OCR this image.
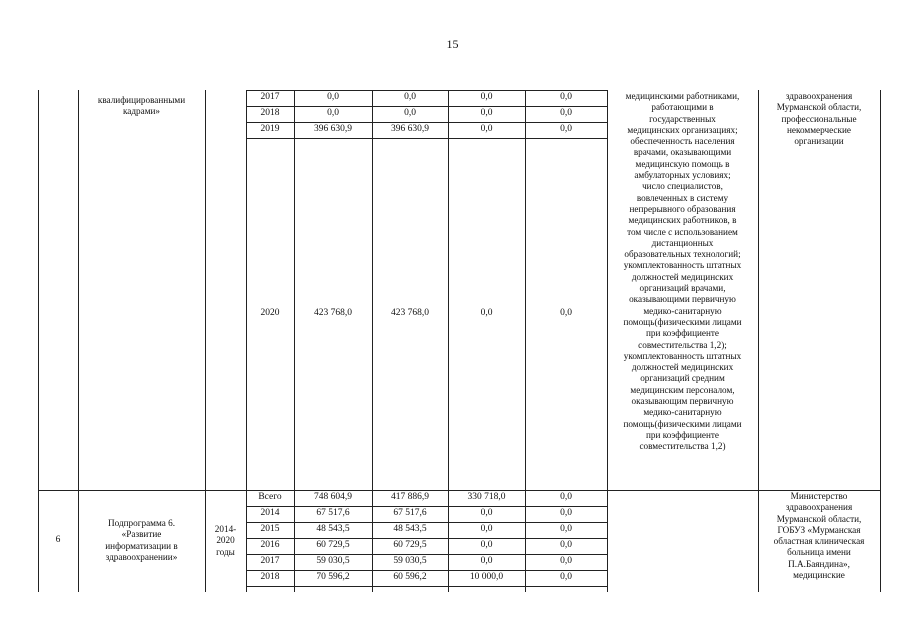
15
квалифицированными кадрами»
2017	0,0	0,0	0,0	0,0
2018	0,0	0,0	0,0	0,0
2019	396 630,9	396 630,9	0,0	0,0
2020	423 768,0	423 768,0	0,0	0,0
медицинскими работниками,
работающими в
государственных
медицинских организациях;
обеспеченность населения
врачами, оказывающими
медицинскую помощь в
амбулаторных условиях;
число специалистов,
вовлеченных в систему
непрерывного образования
медицинских работников, в
том числе с использованием
дистанционных
образовательных технологий;
укомплектованность штатных
должностей медицинских
организаций врачами,
оказывающими первичную
медико-санитарную
помощь(физическими лицами
при коэффициенте
совместительства 1,2);
укомплектованность штатных
должностей медицинских
организаций средним
медицинским персоналом,
оказывающим первичную
медико-санитарную
помощь(физическими лицами
при коэффициенте
совместительства 1,2)
здравоохранения
Мурманской области,
профессиональные
некоммерческие
организации
6
Подпрограмма 6.
«Развитие
информатизации в
здравоохранении»
2014-
2020
годы
Всего	748 604,9	417 886,9	330 718,0	0,0
2014	67 517,6	67 517,6	0,0	0,0
2015	48 543,5	48 543,5	0,0	0,0
2016	60 729,5	60 729,5	0,0	0,0
2017	59 030,5	59 030,5	0,0	0,0
2018	70 596,2	60 596,2	10 000,0	0,0
Министерство
здравоохранения
Мурманской области,
ГОБУЗ «Мурманская
областная клиническая
больница имени
П.А.Баяндина»,
медицинские
